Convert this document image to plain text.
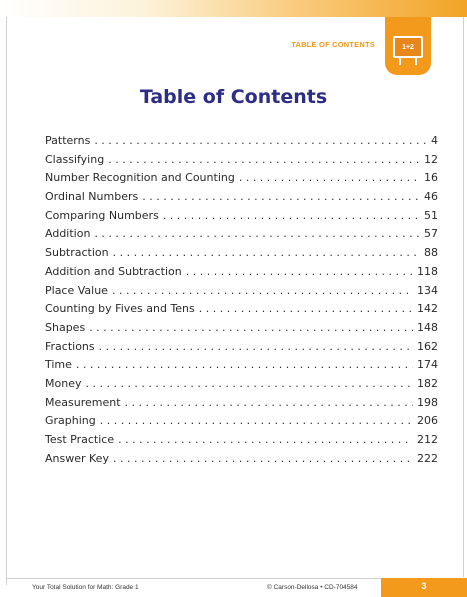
TABLE OF CONTENTS	1+2
Table of Contents
Patterns . . .	4
Classifying . . .	12
Number Recognition and Counting . . .	16
Ordinal Numbers . . .	46
Comparing Numbers . . .	51
Addition . . .	57
Subtraction . . .	88
Addition and Subtraction . . .	118
Place Value . . .	134
Counting by Fives and Tens . . .	142
Shapes . . .	148
Fractions . . .	162
Time . . .	174
Money . . .	182
Measurement . . .	198
Graphing . . .	206
Test Practice . . .	212
Answer Key . . .	222
Your Total Solution for Math: Grade 1	© Carson-Dellosa • CD-704584	3
